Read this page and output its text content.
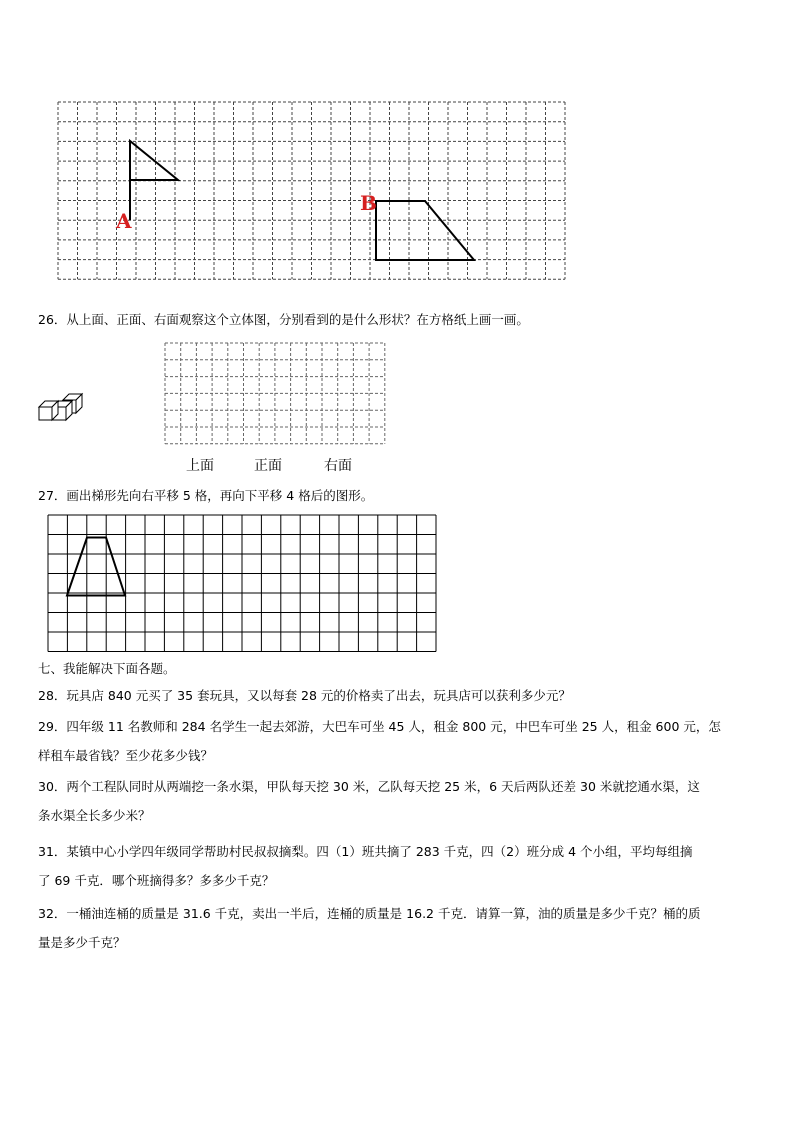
A
B
26．从上面、正面、右面观察这个立体图，分别看到的是什么形状？在方格纸上画一画。
上面	正面	右面
27．画出梯形先向右平移 5 格，再向下平移 4 格后的图形。
七、我能解决下面各题。
28．玩具店 840 元买了 35 套玩具，又以每套 28 元的价格卖了出去，玩具店可以获利多少元？
29．四年级 11 名教师和 284 名学生一起去郊游，大巴车可坐 45 人，租金 800 元，中巴车可坐 25 人，租金 600 元，怎
样租车最省钱？至少花多少钱？
30．两个工程队同时从两端挖一条水渠，甲队每天挖 30 米，乙队每天挖 25 米，6 天后两队还差 30 米就挖通水渠，这
条水渠全长多少米？
31．某镇中心小学四年级同学帮助村民叔叔摘梨。四（1）班共摘了 283 千克，四（2）班分成 4 个小组，平均每组摘
了 69 千克．哪个班摘得多？多多少千克？
32．一桶油连桶的质量是 31.6 千克，卖出一半后，连桶的质量是 16.2 千克．请算一算，油的质量是多少千克？桶的质
量是多少千克？
